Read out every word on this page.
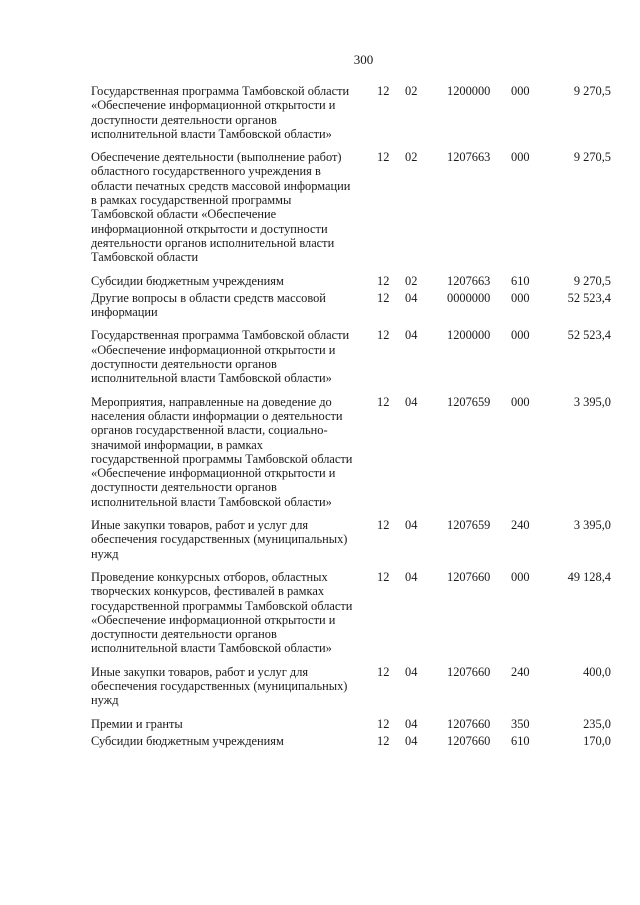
300
Государственная программа Тамбовской области «Обеспечение информационной открытости и доступности деятельности органов исполнительной власти Тамбовской области»	12 02	1200000	000	9 270,5
Обеспечение деятельности (выполнение работ) областного государственного учреждения в области печатных средств массовой информации в рамках государственной программы Тамбовской области «Обеспечение информационной открытости и доступности деятельности органов исполнительной власти Тамбовской области	12 02	1207663	000	9 270,5
Субсидии бюджетным учреждениям	12 02	1207663	610	9 270,5
Другие вопросы в области средств массовой информации	12 04	0000000	000	52 523,4
Государственная программа Тамбовской области «Обеспечение информационной открытости и доступности деятельности органов исполнительной власти Тамбовской области»	12 04	1200000	000	52 523,4
Мероприятия, направленные на доведение до населения области информации о деятельности органов государственной власти, социально-значимой информации, в рамках государственной программы Тамбовской области «Обеспечение информационной открытости и доступности деятельности органов исполнительной власти Тамбовской области»	12 04	1207659	000	3 395,0
Иные закупки товаров, работ и услуг для обеспечения государственных (муниципальных) нужд	12 04	1207659	240	3 395,0
Проведение конкурсных отборов, областных творческих конкурсов, фестивалей в рамках государственной программы Тамбовской области «Обеспечение информационной открытости и доступности деятельности органов исполнительной власти Тамбовской области»	12 04	1207660	000	49 128,4
Иные закупки товаров, работ и услуг для обеспечения государственных (муниципальных) нужд	12 04	1207660	240	400,0
Премии и гранты	12 04	1207660	350	235,0
Субсидии бюджетным учреждениям	12 04	1207660	610	170,0
